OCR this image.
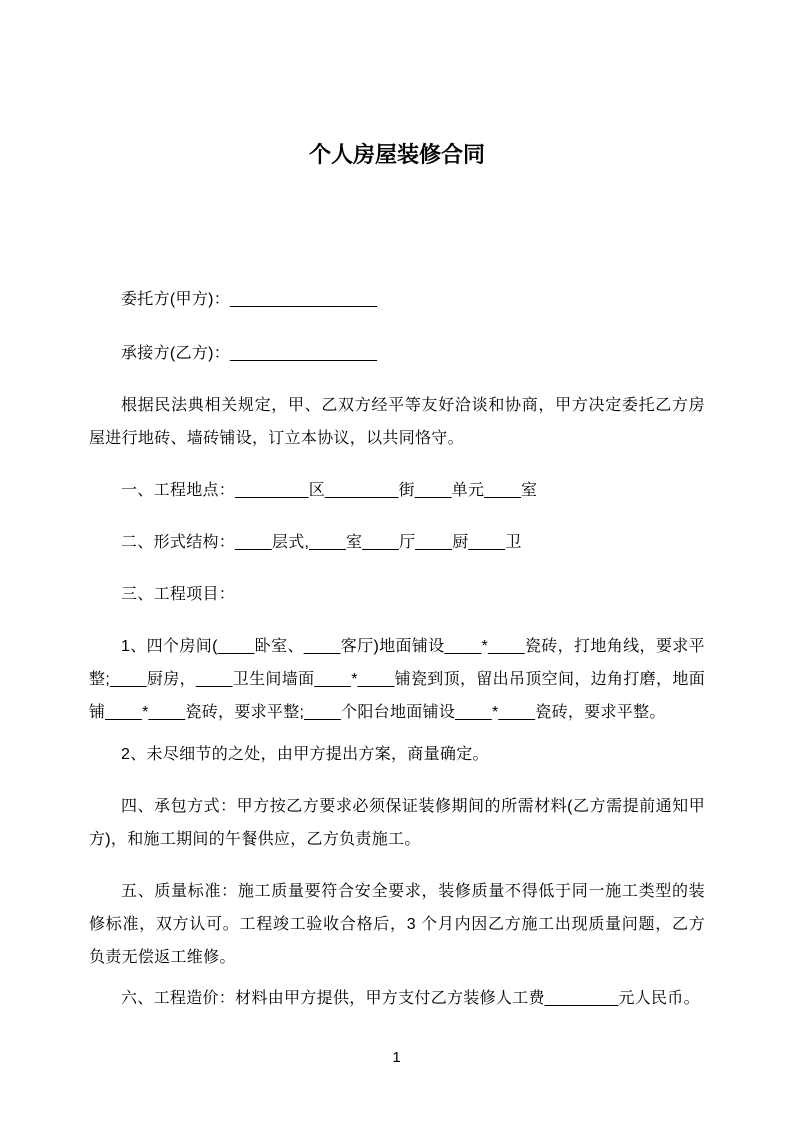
个人房屋装修合同

委托方(甲方)：________________

承接方(乙方)：________________

根据民法典相关规定，甲、乙双方经平等友好洽谈和协商，甲方决定委托乙方房屋进行地砖、墙砖铺设，订立本协议，以共同恪守。

一、工程地点：________区________街____单元____室

二、形式结构：____层式,____室____厅____厨____卫

三、工程项目：

1、四个房间(____卧室、____客厅)地面铺设____*____瓷砖，打地角线，要求平整;____厨房，____卫生间墙面____*____铺瓷到顶，留出吊顶空间，边角打磨，地面铺____*____瓷砖，要求平整;____个阳台地面铺设____*____瓷砖，要求平整。

2、未尽细节的之处，由甲方提出方案，商量确定。

四、承包方式：甲方按乙方要求必须保证装修期间的所需材料(乙方需提前通知甲方)，和施工期间的午餐供应，乙方负责施工。

五、质量标准：施工质量要符合安全要求，装修质量不得低于同一施工类型的装修标准，双方认可。工程竣工验收合格后，3 个月内因乙方施工出现质量问题，乙方负责无偿返工维修。

六、工程造价：材料由甲方提供，甲方支付乙方装修人工费________元人民币。

1
